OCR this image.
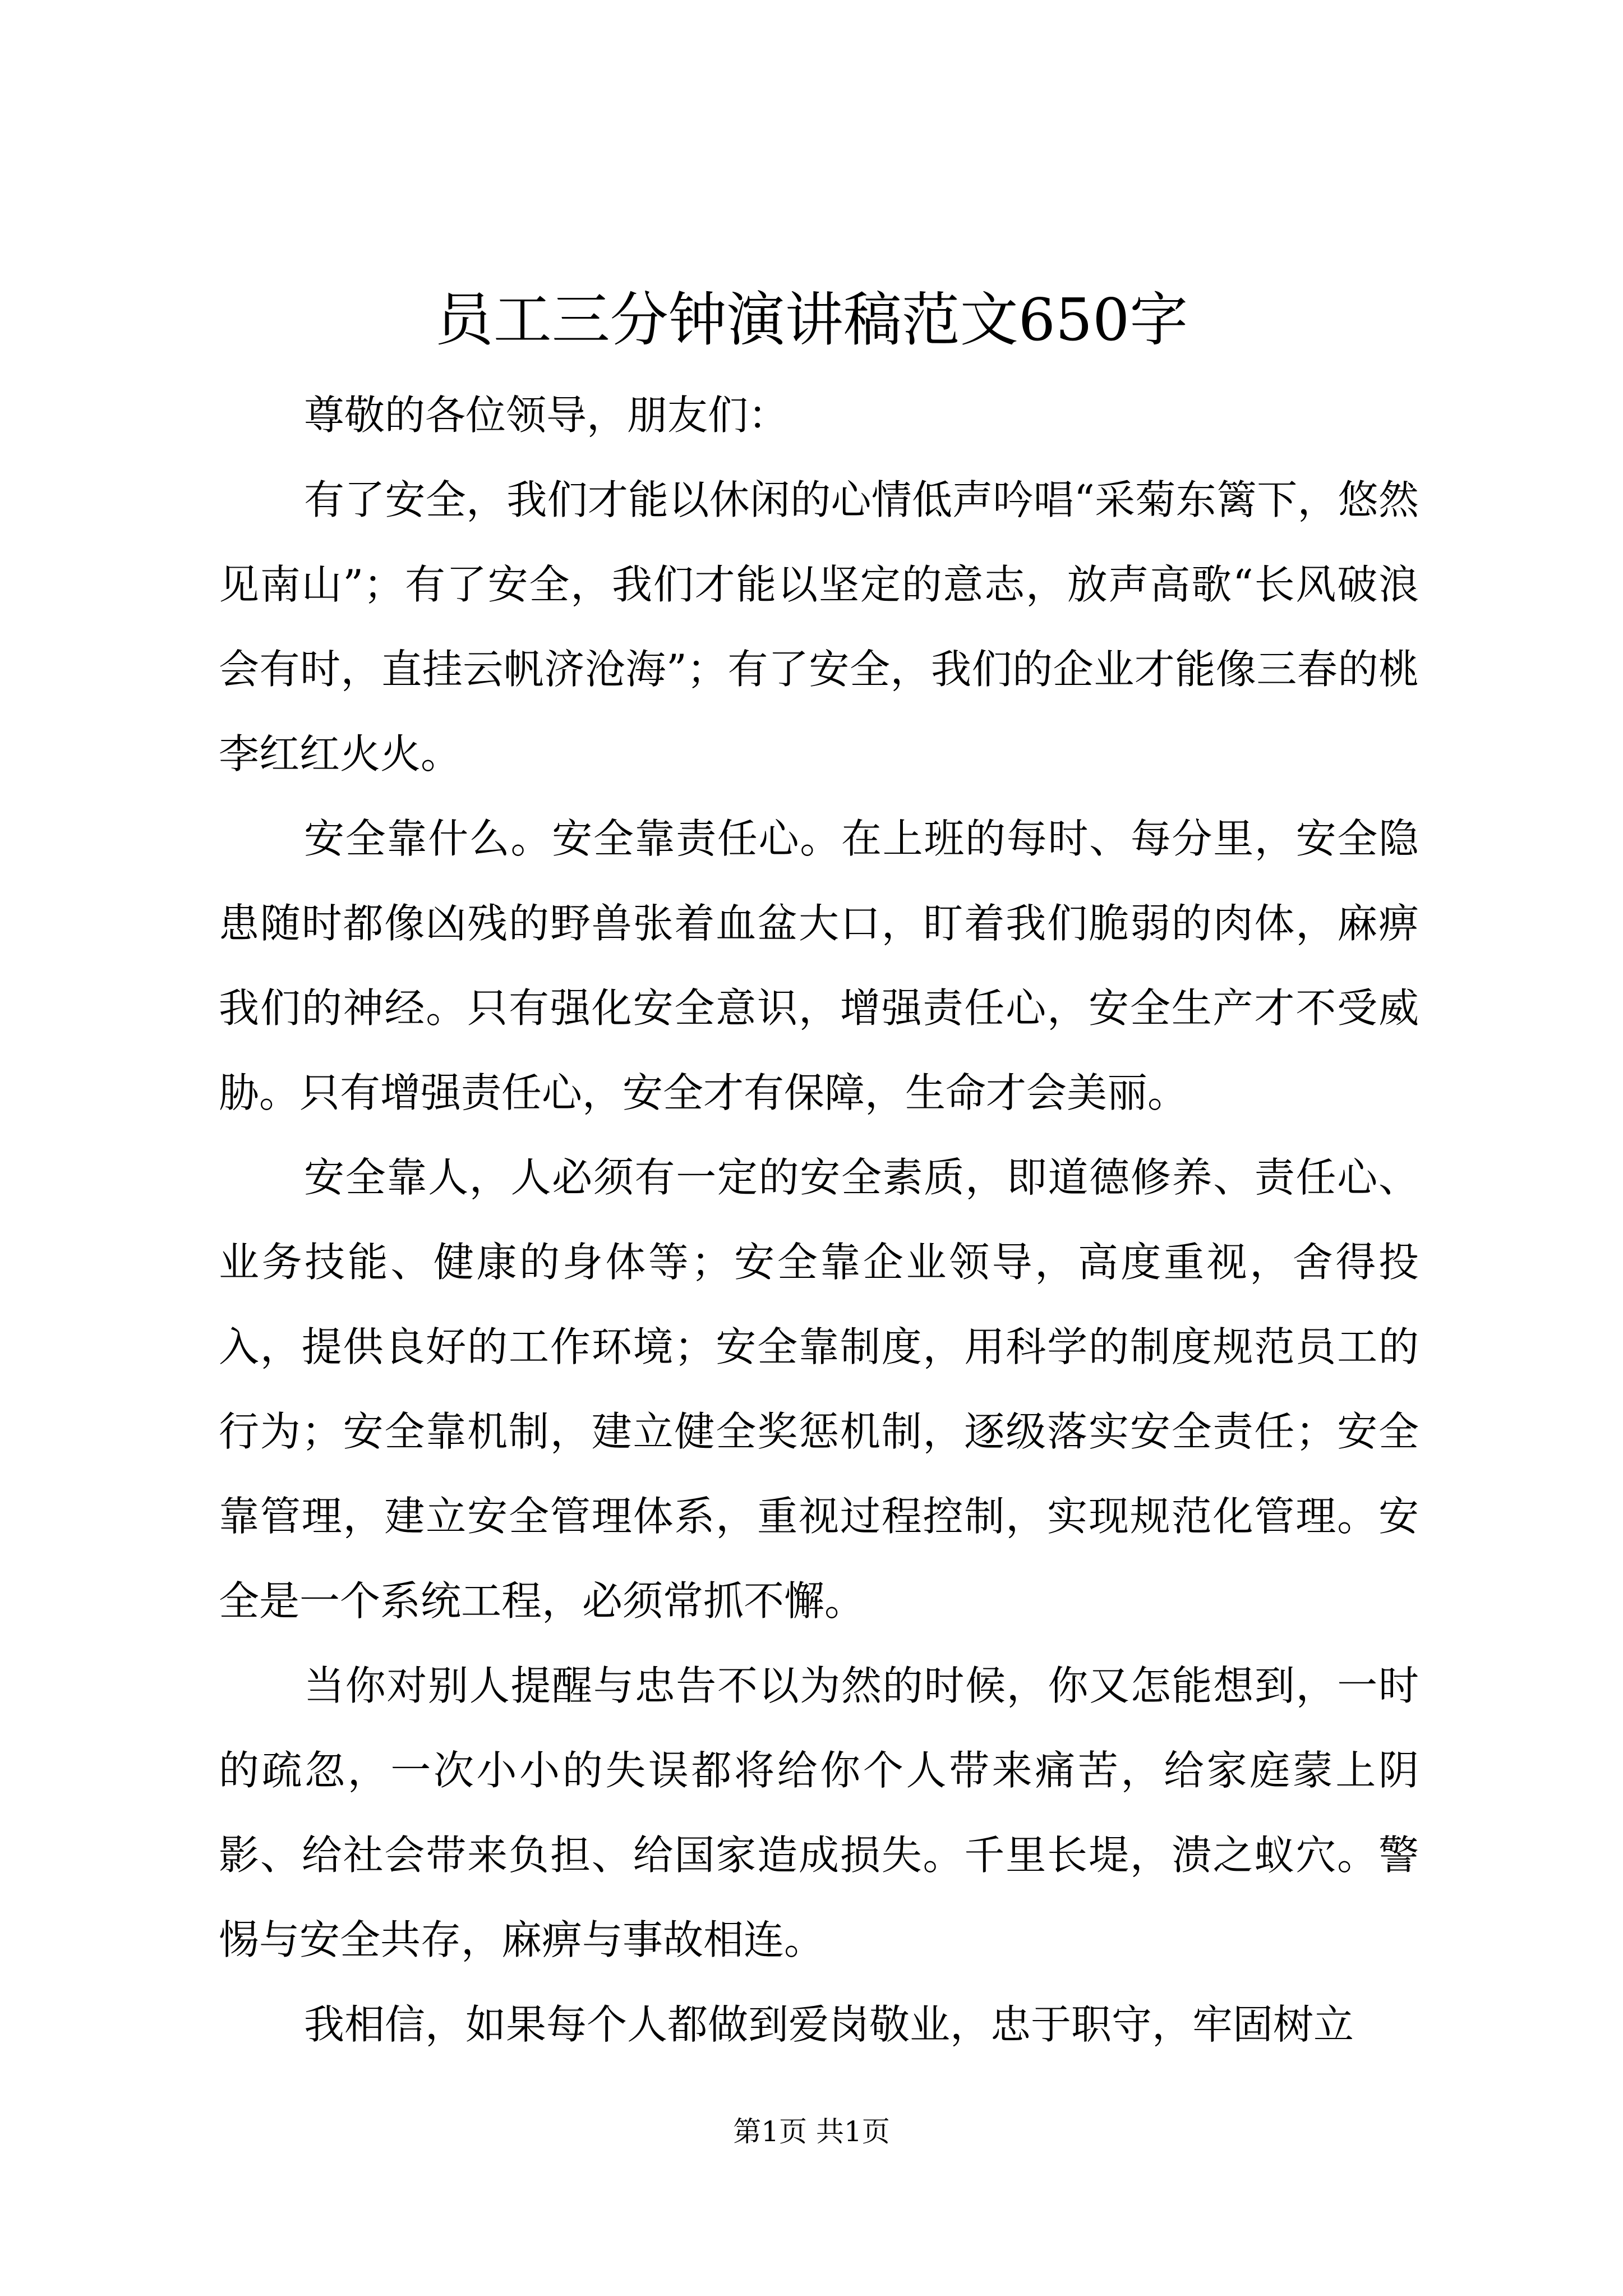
员工三分钟演讲稿范文650字

尊敬的各位领导，朋友们：

有了安全，我们才能以休闲的心情低声吟唱“采菊东篱下，悠然见南山”；有了安全，我们才能以坚定的意志，放声高歌“长风破浪会有时，直挂云帆济沧海”；有了安全，我们的企业才能像三春的桃李红红火火。

安全靠什么。安全靠责任心。在上班的每时、每分里，安全隐患随时都像凶残的野兽张着血盆大口，盯着我们脆弱的肉体，麻痹我们的神经。只有强化安全意识，增强责任心，安全生产才不受威胁。只有增强责任心，安全才有保障，生命才会美丽。

安全靠人，人必须有一定的安全素质，即道德修养、责任心、业务技能、健康的身体等；安全靠企业领导，高度重视，舍得投入，提供良好的工作环境；安全靠制度，用科学的制度规范员工的行为；安全靠机制，建立健全奖惩机制，逐级落实安全责任；安全靠管理，建立安全管理体系，重视过程控制，实现规范化管理。安全是一个系统工程，必须常抓不懈。

当你对别人提醒与忠告不以为然的时候，你又怎能想到，一时的疏忽，一次小小的失误都将给你个人带来痛苦，给家庭蒙上阴影、给社会带来负担、给国家造成损失。千里长堤，溃之蚁穴。警惕与安全共存，麻痹与事故相连。

我相信，如果每个人都做到爱岗敬业，忠于职守，牢固树立

第1页 共1页
